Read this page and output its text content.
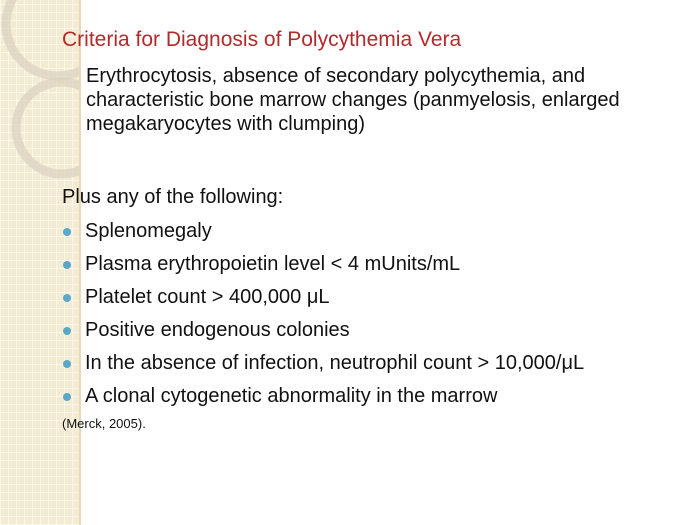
Criteria for Diagnosis of Polycythemia Vera
Erythrocytosis, absence of secondary polycythemia, and characteristic bone marrow changes (panmyelosis, enlarged megakaryocytes with clumping)
Plus any of the following:
Splenomegaly
Plasma erythropoietin level < 4 mUnits/mL
Platelet count > 400,000 μL
Positive endogenous colonies
In the absence of infection, neutrophil count > 10,000/μL
A clonal cytogenetic abnormality in the marrow
(Merck, 2005).
